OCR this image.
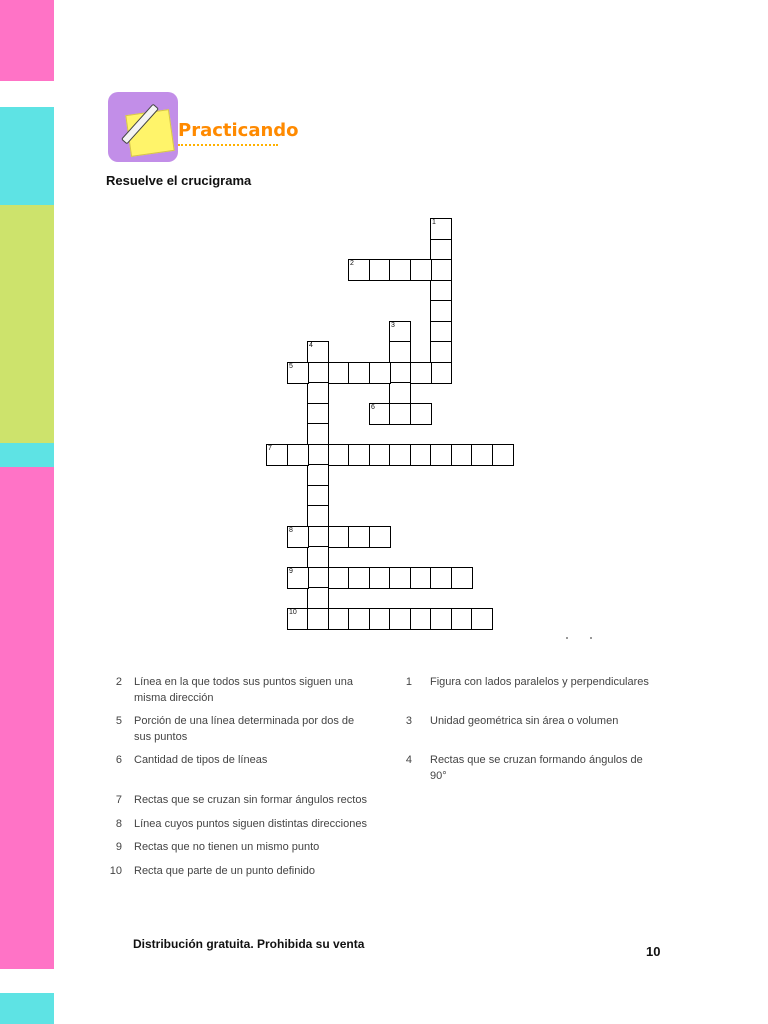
Practicando
Resuelve el crucigrama
1
2
3
4
5
6
7
8
9
10
2 Línea en la que todos sus puntos siguen una misma dirección
5 Porción de una línea determinada por dos de sus puntos
6 Cantidad de tipos de líneas
7 Rectas que se cruzan sin formar ángulos rectos
8 Línea cuyos puntos siguen distintas direcciones
9 Rectas que no tienen un mismo punto
10 Recta que parte de un punto definido
1 Figura con lados paralelos y perpendiculares
3 Unidad geométrica sin área o volumen
4 Rectas que se cruzan formando ángulos de 90°
Distribución gratuita. Prohibida su venta	10
